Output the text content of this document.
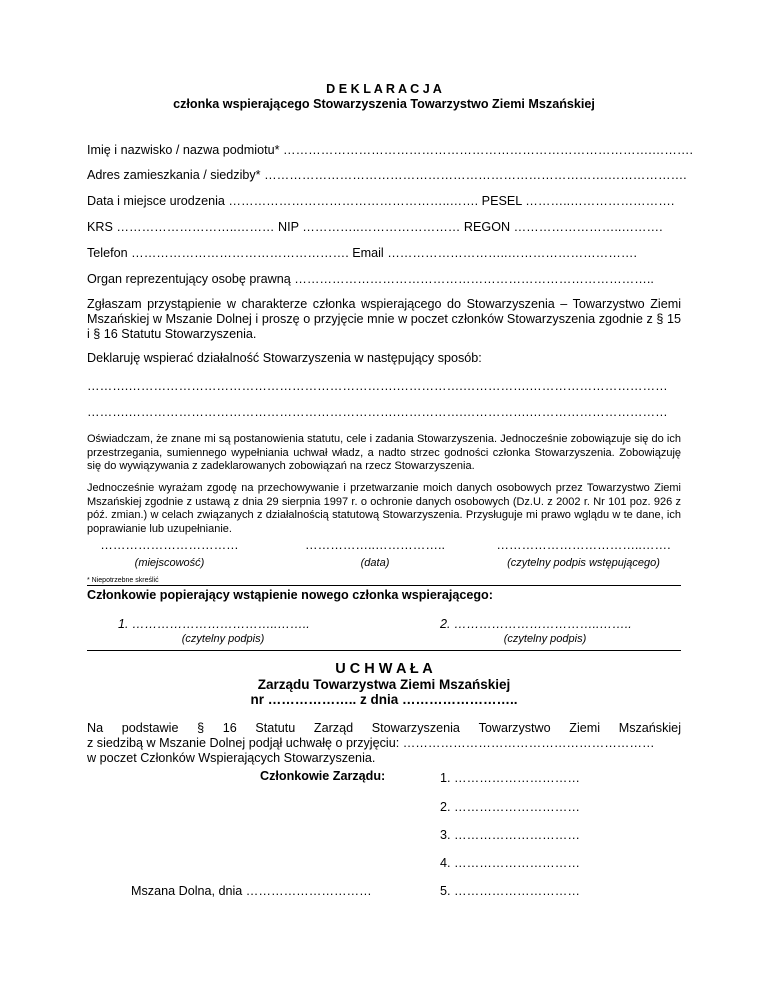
D E K L A R A C J A
członka wspierającego Stowarzyszenia Towarzystwo Ziemi Mszańskiej
Imię i nazwisko / nazwa podmiotu* …………………………………………………………………………….……….
Adres zamieszkania / siedziby* ……………………………………………………………………….……………….
Data i miejsce urodzenia ……………………………………………..……. PESEL ………..…………………….
KRS ………………………..……… NIP …………..…………………… REGON ……………………..……….
Telefon ……………………………………………. Email ………………………..………………………….
Organ reprezentujący osobę prawną …………………………………………………………………………..
Zgłaszam przystąpienie w charakterze członka wspierającego do Stowarzyszenia – Towarzystwo Ziemi Mszańskiej w Mszanie Dolnej i proszę o przyjęcie mnie w poczet członków Stowarzyszenia zgodnie z § 15 i § 16 Statutu Stowarzyszenia.
Deklaruję wspierać działalność Stowarzyszenia w następujący sposób:
……….……………………………………………………….…………….…………….……………………………
……….……………………………………………………….…………….…………….……………………………
Oświadczam, że znane mi są postanowienia statutu, cele i zadania Stowarzyszenia. Jednocześnie zobowiązuje się do ich przestrzegania, sumiennego wypełniania uchwał władz, a nadto strzec godności członka Stowarzyszenia. Zobowiązuję się do wywiązywania z zadeklarowanych zobowiązań na rzecz Stowarzyszenia.
Jednocześnie wyrażam zgodę na przechowywanie i przetwarzanie moich danych osobowych przez Towarzystwo Ziemi Mszańskiej zgodnie z ustawą z dnia 29 sierpnia 1997 r. o ochronie danych osobowych (Dz.U. z 2002 r. Nr 101 poz. 926 z póź. zmian.) w celach związanych z działalnością statutową Stowarzyszenia. Przysługuje mi prawo wglądu w te dane, ich poprawianie lub uzupełnianie.
……………………………
(miejscowość)
……………..……………..
(data)
……………………………..…….
(czytelny podpis wstępującego)
* Niepotrzebne skreślić
Członkowie popierający wstąpienie nowego członka wspierającego:
1. ……………………………..……..
(czytelny podpis)
2. ……………………………..……..
(czytelny podpis)
U C H W A Ł A
Zarządu Towarzystwa Ziemi Mszańskiej
nr ……………….. z dnia ……………………..
Na podstawie § 16 Statutu Zarząd Stowarzyszenia Towarzystwo Ziemi Mszańskiej
z siedzibą w Mszanie Dolnej podjął uchwałę o przyjęciu: ……………………………………………………
w poczet Członków Wspierających Stowarzyszenia.
Członkowie Zarządu:	1. …………………………
2. …………………………
3. …………………………
4. …………………………
5. …………………………
Mszana Dolna, dnia …………………………
